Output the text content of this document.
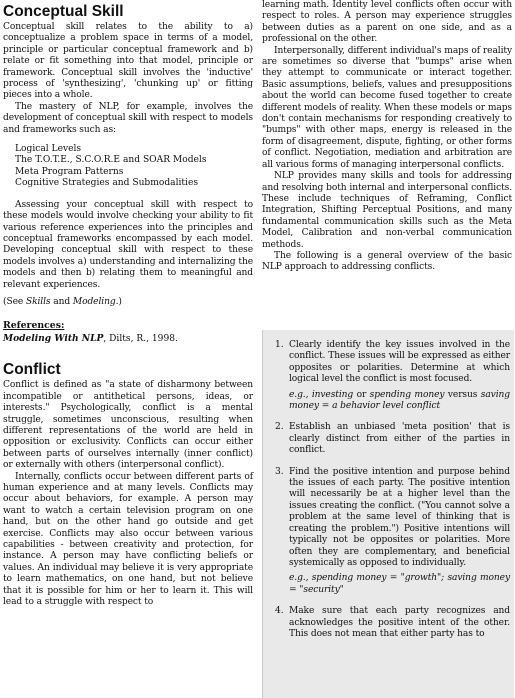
Conceptual Skill

Conceptual skill relates to the ability to a) conceptualize a problem space in terms of a model, principle or particular conceptual framework and b) relate or fit something into that model, principle or framework. Conceptual skill involves the 'inductive' process of 'synthesizing', 'chunking up' or fitting pieces into a whole.

The mastery of NLP, for example, involves the development of conceptual skill with respect to models and frameworks such as:

Logical Levels
The T.O.T.E., S.C.O.R.E and SOAR Models
Meta Program Patterns
Cognitive Strategies and Submodalities

Assessing your conceptual skill with respect to these models would involve checking your ability to fit various reference experiences into the principles and conceptual frameworks encompassed by each model. Developing conceptual skill with respect to these models involves a) understanding and internalizing the models and then b) relating them to meaningful and relevant experiences.

(See Skills and Modeling.)

References:
Modeling With NLP, Dilts, R., 1998.
Conflict

Conflict is defined as "a state of disharmony between incompatible or antithetical persons, ideas, or interests." Psychologically, conflict is a mental struggle, sometimes unconscious, resulting when different representations of the world are held in opposition or exclusivity. Conflicts can occur either between parts of ourselves internally (inner conflict) or externally with others (interpersonal conflict).

Internally, conflicts occur between different parts of human experience and at many levels. Conflicts may occur about behaviors, for example. A person may want to watch a certain television program on one hand, but on the other hand go outside and get exercise. Conflicts may also occur between various capabilities - between creativity and protection, for instance. A person may have conflicting beliefs or values. An individual may believe it is very appropriate to learn mathematics, on one hand, but not believe that it is possible for him or her to learn it. This will lead to a struggle with respect to

learning math. Identity level conflicts often occur with respect to roles. A person may experience struggles between duties as a parent on one side, and as a professional on the other.

Interpersonally, different individual's maps of reality are sometimes so diverse that "bumps" arise when they attempt to communicate or interact together. Basic assumptions, beliefs, values and presuppositions about the world can become fused together to create different models of reality. When these models or maps don't contain mechanisms for responding creatively to "bumps" with other maps, energy is released in the form of disagreement, dispute, fighting, or other forms of conflict. Negotiation, mediation and arbitration are all various forms of managing interpersonal conflicts.

NLP provides many skills and tools for addressing and resolving both internal and interpersonal conflicts. These include techniques of Reframing, Conflict Integration, Shifting Perceptual Positions, and many fundamental communication skills such as the Meta Model, Calibration and non-verbal communication methods.

The following is a general overview of the basic NLP approach to addressing conflicts.

1. Clearly identify the key issues involved in the conflict. These issues will be expressed as either opposites or polarities. Determine at which logical level the conflict is most focused.

e.g., investing or spending money versus saving money = a behavior level conflict

2. Establish an unbiased 'meta position' that is clearly distinct from either of the parties in conflict.

3. Find the positive intention and purpose behind the issues of each party. The positive intention will necessarily be at a higher level than the issues creating the conflict. ("You cannot solve a problem at the same level of thinking that is creating the problem.") Positive intentions will typically not be opposites or polarities. More often they are complementary, and beneficial systemically as opposed to individually.

e.g., spending money = "growth"; saving money = "security"

4. Make sure that each party recognizes and acknowledges the positive intent of the other. This does not mean that either party has to
